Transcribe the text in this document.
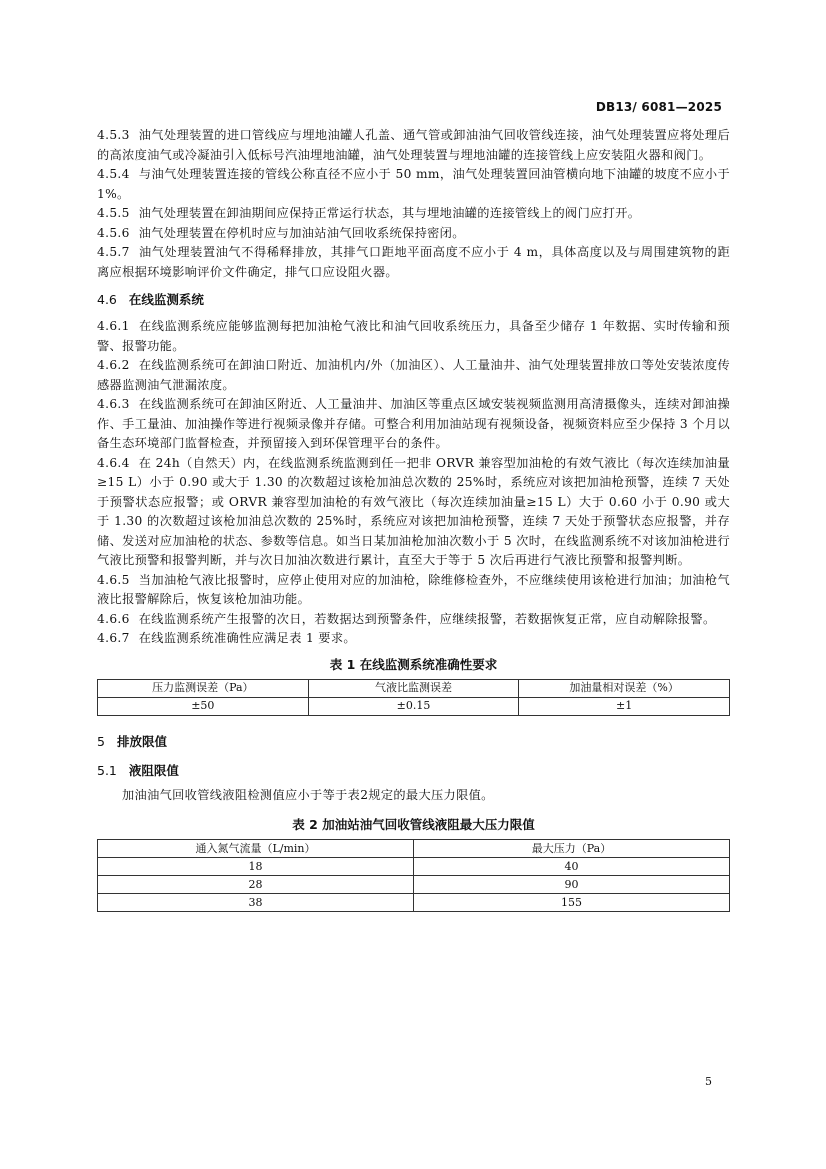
DB13/ 6081—2025

4.5.3 油气处理装置的进口管线应与埋地油罐人孔盖、通气管或卸油油气回收管线连接，油气处理装置应将处理后的高浓度油气或冷凝油引入低标号汽油埋地油罐，油气处理装置与埋地油罐的连接管线上应安装阻火器和阀门。

4.5.4 与油气处理装置连接的管线公称直径不应小于 50 mm，油气处理装置回油管横向地下油罐的坡度不应小于 1%。

4.5.5 油气处理装置在卸油期间应保持正常运行状态，其与埋地油罐的连接管线上的阀门应打开。

4.5.6 油气处理装置在停机时应与加油站油气回收系统保持密闭。

4.5.7 油气处理装置油气不得稀释排放，其排气口距地平面高度不应小于 4 m，具体高度以及与周围建筑物的距离应根据环境影响评价文件确定，排气口应设阻火器。

4.6 在线监测系统

4.6.1 在线监测系统应能够监测每把加油枪气液比和油气回收系统压力，具备至少储存 1 年数据、实时传输和预警、报警功能。

4.6.2 在线监测系统可在卸油口附近、加油机内/外（加油区）、人工量油井、油气处理装置排放口等处安装浓度传感器监测油气泄漏浓度。

4.6.3 在线监测系统可在卸油区附近、人工量油井、加油区等重点区域安装视频监测用高清摄像头，连续对卸油操作、手工量油、加油操作等进行视频录像并存储。可整合利用加油站现有视频设备，视频资料应至少保持 3 个月以备生态环境部门监督检查，并预留接入到环保管理平台的条件。

4.6.4 在 24h（自然天）内，在线监测系统监测到任一把非 ORVR 兼容型加油枪的有效气液比（每次连续加油量≥15 L）小于 0.90 或大于 1.30 的次数超过该枪加油总次数的 25%时，系统应对该把加油枪预警，连续 7 天处于预警状态应报警；或 ORVR 兼容型加油枪的有效气液比（每次连续加油量≥15 L）大于 0.60 小于 0.90 或大于 1.30 的次数超过该枪加油总次数的 25%时，系统应对该把加油枪预警，连续 7 天处于预警状态应报警，并存储、发送对应加油枪的状态、参数等信息。如当日某加油枪加油次数小于 5 次时，在线监测系统不对该加油枪进行气液比预警和报警判断，并与次日加油次数进行累计，直至大于等于 5 次后再进行气液比预警和报警判断。

4.6.5 当加油枪气液比报警时，应停止使用对应的加油枪，除维修检查外，不应继续使用该枪进行加油；加油枪气液比报警解除后，恢复该枪加油功能。

4.6.6 在线监测系统产生报警的次日，若数据达到预警条件，应继续报警，若数据恢复正常，应自动解除报警。

4.6.7 在线监测系统准确性应满足表 1 要求。

表 1 在线监测系统准确性要求
压力监测误差（Pa）	气液比监测误差	加油量相对误差（%）
±50	±0.15	±1

5 排放限值

5.1 液阻限值

加油油气回收管线液阻检测值应小于等于表2规定的最大压力限值。

表 2 加油站油气回收管线液阻最大压力限值
通入氮气流量（L/min）	最大压力（Pa）
18	40
28	90
38	155
5
